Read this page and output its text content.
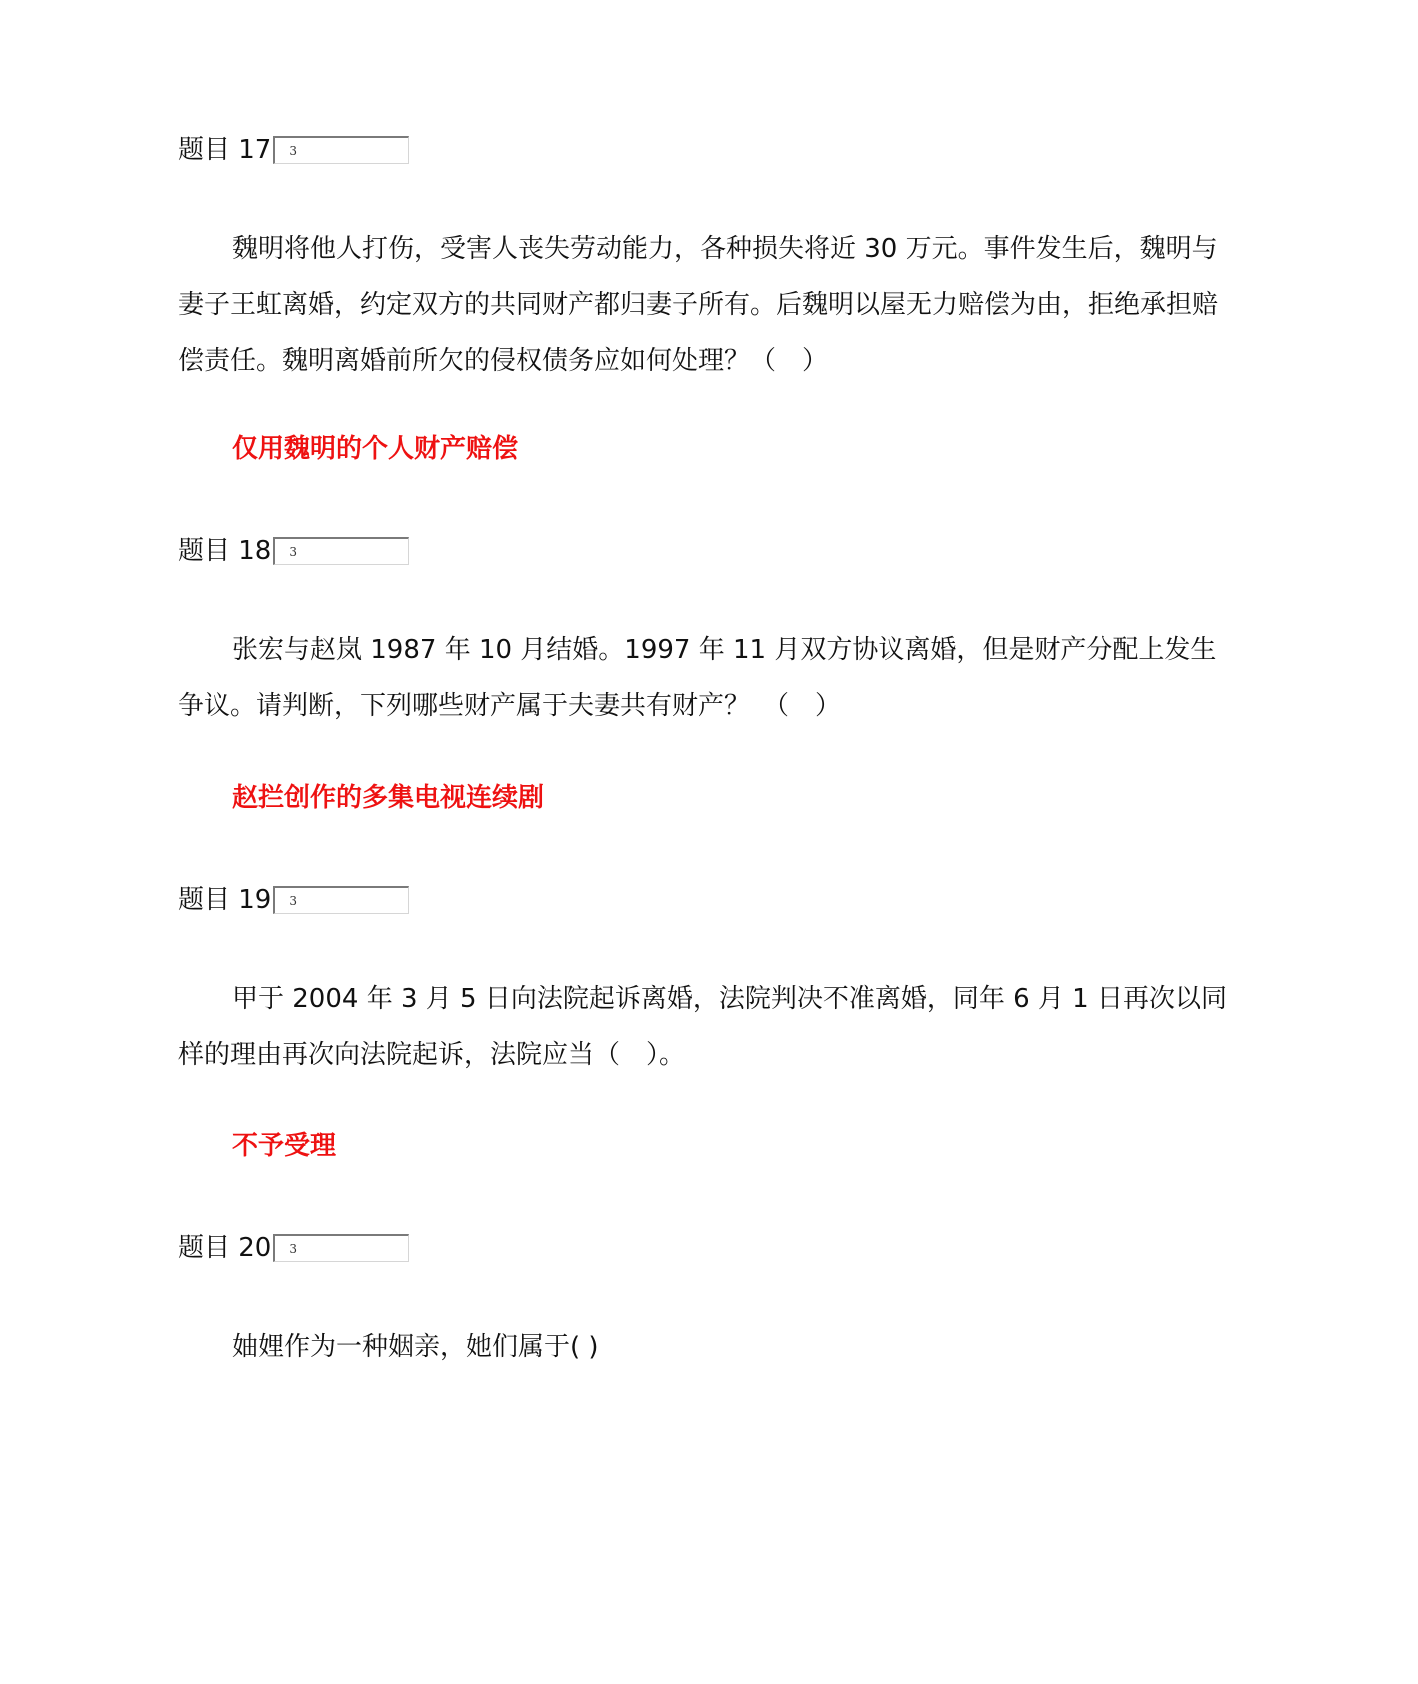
题目 17 3

魏明将他人打伤，受害人丧失劳动能力，各种损失将近 30 万元。事件发生后，魏明与妻子王虹离婚，约定双方的共同财产都归妻子所有。后魏明以屋无力赔偿为由，拒绝承担赔偿责任。魏明离婚前所欠的侵权债务应如何处理？（　）

仅用魏明的个人财产赔偿
题目 18 3

张宏与赵岚 1987 年 10 月结婚。1997 年 11 月双方协议离婚，但是财产分配上发生争议。请判断，下列哪些财产属于夫妻共有财产？　（　）

赵拦创作的多集电视连续剧
题目 19 3

甲于 2004 年 3 月 5 日向法院起诉离婚，法院判决不准离婚，同年 6 月 1 日再次以同样的理由再次向法院起诉，法院应当（　）。

不予受理
题目 20 3

妯娌作为一种姻亲，她们属于( )
